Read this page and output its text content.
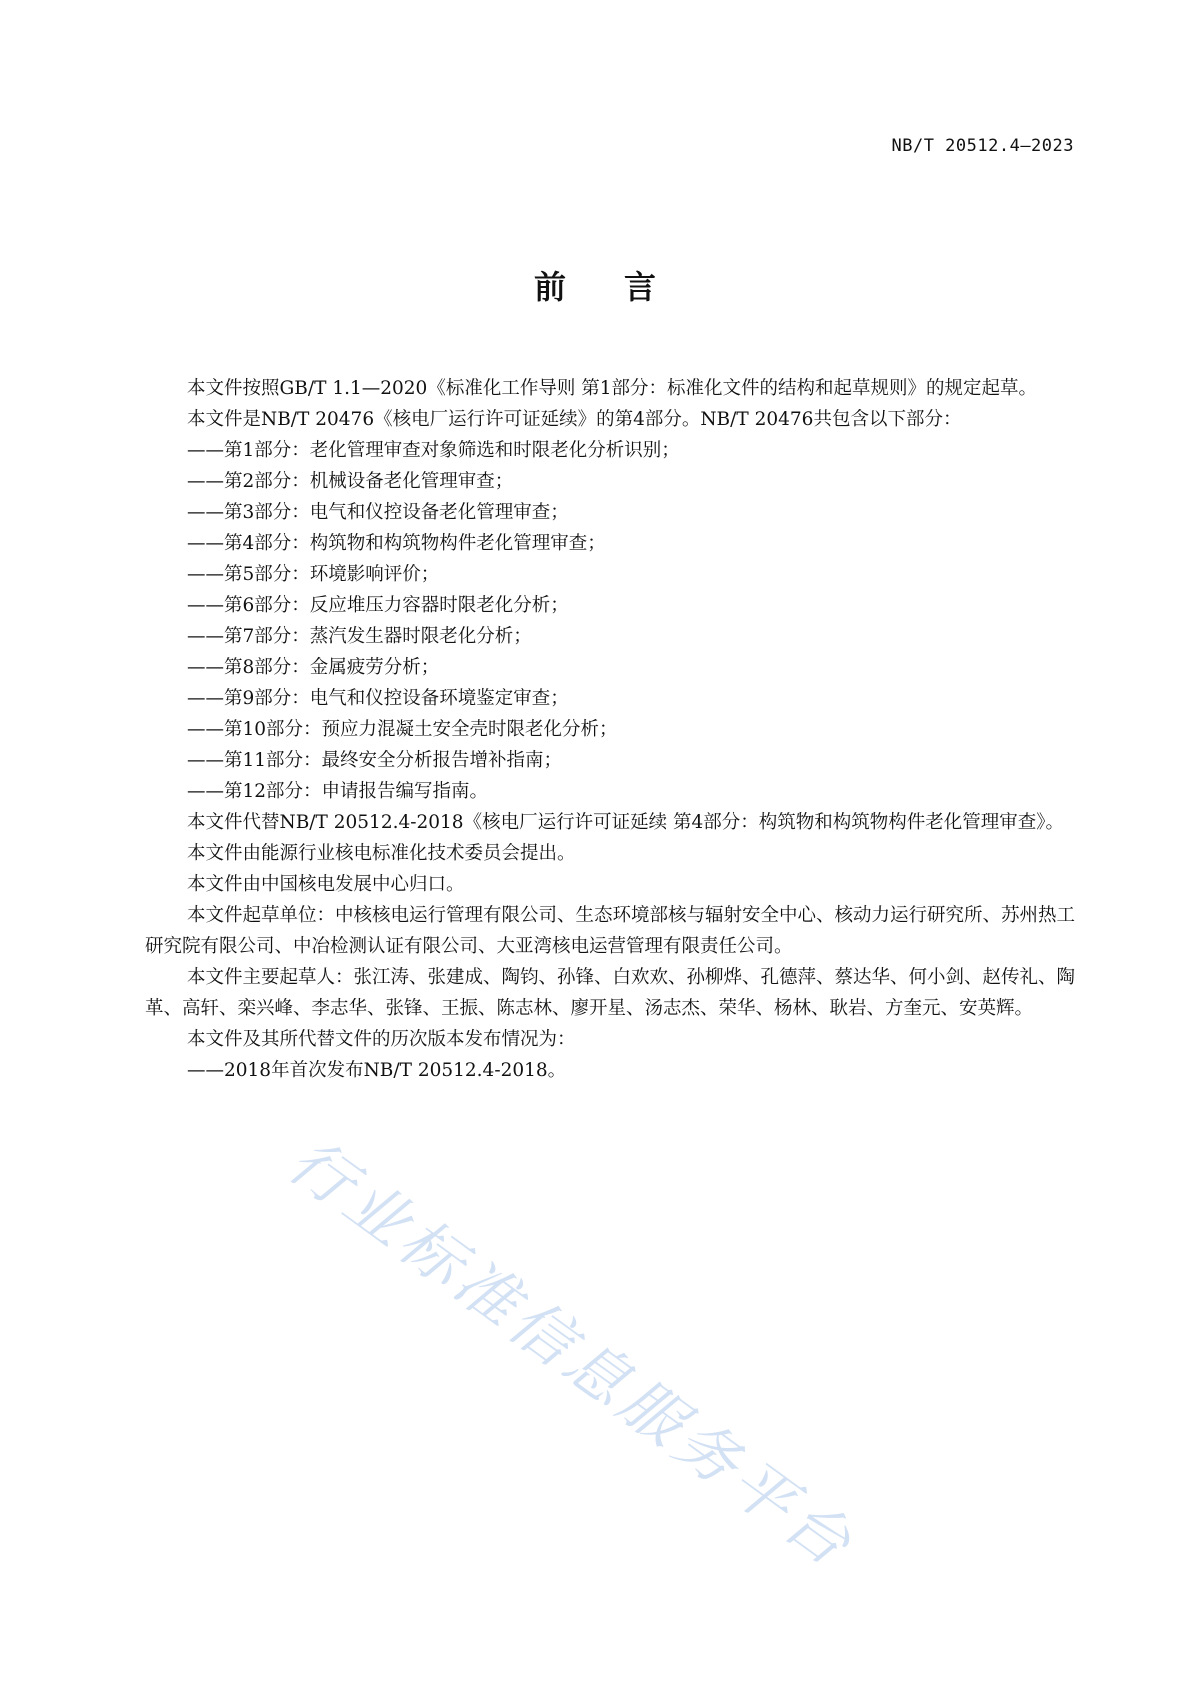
NB/T 20512.4—2023
前言

本文件按照GB/T 1.1—2020《标准化工作导则 第1部分：标准化文件的结构和起草规则》的规定起草。

本文件是NB/T 20476《核电厂运行许可证延续》的第4部分。NB/T 20476共包含以下部分：

——第1部分：老化管理审查对象筛选和时限老化分析识别；

——第2部分：机械设备老化管理审查；

——第3部分：电气和仪控设备老化管理审查；

——第4部分：构筑物和构筑物构件老化管理审查；

——第5部分：环境影响评价；

——第6部分：反应堆压力容器时限老化分析；

——第7部分：蒸汽发生器时限老化分析；

——第8部分：金属疲劳分析；

——第9部分：电气和仪控设备环境鉴定审查；

——第10部分：预应力混凝土安全壳时限老化分析；

——第11部分：最终安全分析报告增补指南；

——第12部分：申请报告编写指南。

本文件代替NB/T 20512.4-2018《核电厂运行许可证延续 第4部分：构筑物和构筑物构件老化管理审查》。

本文件由能源行业核电标准化技术委员会提出。

本文件由中国核电发展中心归口。

本文件起草单位：中核核电运行管理有限公司、生态环境部核与辐射安全中心、核动力运行研究所、苏州热工研究院有限公司、中冶检测认证有限公司、大亚湾核电运营管理有限责任公司。

本文件主要起草人：张江涛、张建成、陶钧、孙锋、白欢欢、孙柳烨、孔德萍、蔡达华、何小剑、赵传礼、陶革、高轩、栾兴峰、李志华、张锋、王振、陈志林、廖开星、汤志杰、荣华、杨林、耿岩、方奎元、安英辉。

本文件及其所代替文件的历次版本发布情况为：

——2018年首次发布NB/T 20512.4-2018。

行业标准信息服务平台
